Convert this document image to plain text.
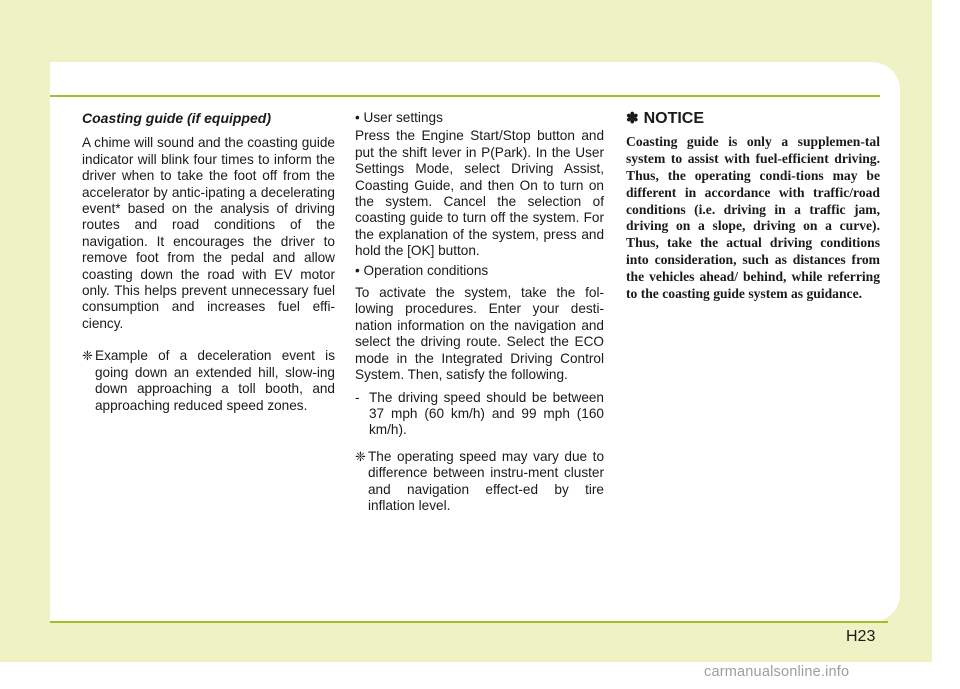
Coasting guide (if equipped)

A chime will sound and the coasting guide indicator will blink four times to inform the driver when to take the foot off from the accelerator by antic-ipating a decelerating event* based on the analysis of driving routes and road conditions of the navigation. It encourages the driver to remove foot from the pedal and allow coasting down the road with EV motor only. This helps prevent unnecessary fuel consumption and increases fuel effi-ciency.

❈ Example of a deceleration event is going down an extended hill, slow-ing down approaching a toll booth, and approaching reduced speed zones.
• User settings

Press the Engine Start/Stop button and put the shift lever in P(Park). In the User Settings Mode, select Driving Assist, Coasting Guide, and then On to turn on the system. Cancel the selection of coasting guide to turn off the system. For the explanation of the system, press and hold the [OK] button.

• Operation conditions

To activate the system, take the fol-lowing procedures. Enter your desti-nation information on the navigation and select the driving route. Select the ECO mode in the Integrated Driving Control System. Then, satisfy the following.

- The driving speed should be between 37 mph (60 km/h) and 99 mph (160 km/h).
❈ The operating speed may vary due to difference between instru-ment cluster and navigation effect-ed by tire inflation level.
✽ NOTICE
Coasting guide is only a supplemen-tal system to assist with fuel-efficient driving. Thus, the operating condi-tions may be different in accordance with traffic/road conditions (i.e. driving in a traffic jam, driving on a slope, driving on a curve). Thus, take the actual driving conditions into consideration, such as distances from the vehicles ahead/ behind, while referring to the coasting guide system as guidance.
H23
carmanualsonline.info
